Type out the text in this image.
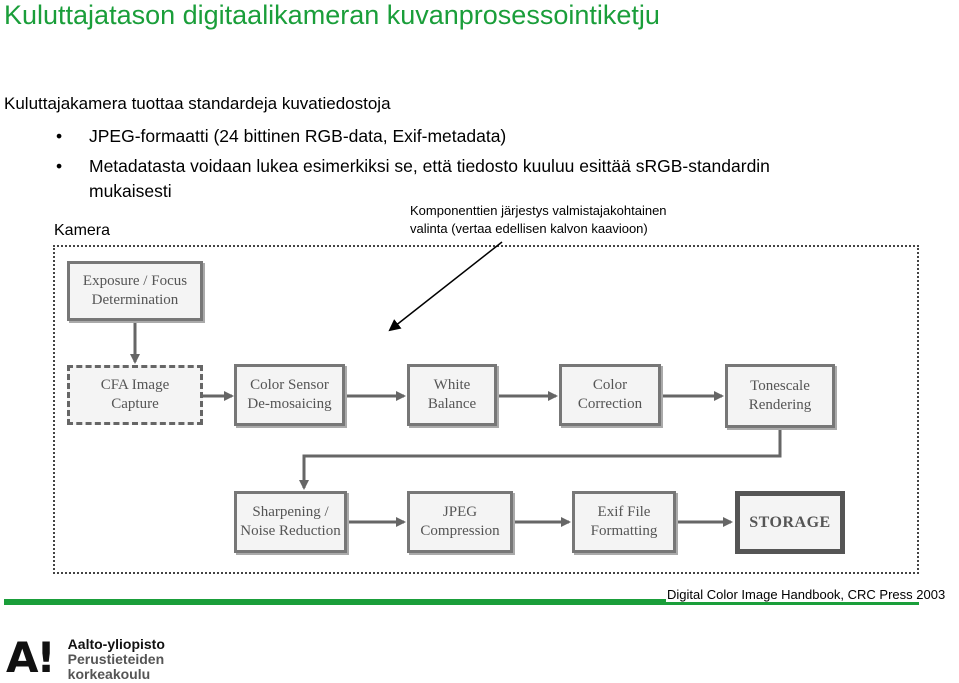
Kuluttajatason digitaalikameran kuvanprosessointiketju
Kuluttajakamera tuottaa standardeja kuvatiedostoja
• JPEG-formaatti (24 bittinen RGB-data, Exif-metadata)
• Metadatasta voidaan lukea esimerkiksi se, että tiedosto kuuluu esittää sRGB-standardin
mukaisesti
Komponenttien järjestys valmistajakohtainen
valinta (vertaa edellisen kalvon kaavioon)
Kamera
Exposure / Focus
Determination
CFA Image
Capture
Color Sensor
De-mosaicing
White
Balance
Color
Correction
Tonescale
Rendering
Sharpening /
Noise Reduction
JPEG
Compression
Exif File
Formatting	STORAGE
Digital Color Image Handbook, CRC Press 2003
A! Aalto-yliopisto
Perustieteiden
korkeakoulu
